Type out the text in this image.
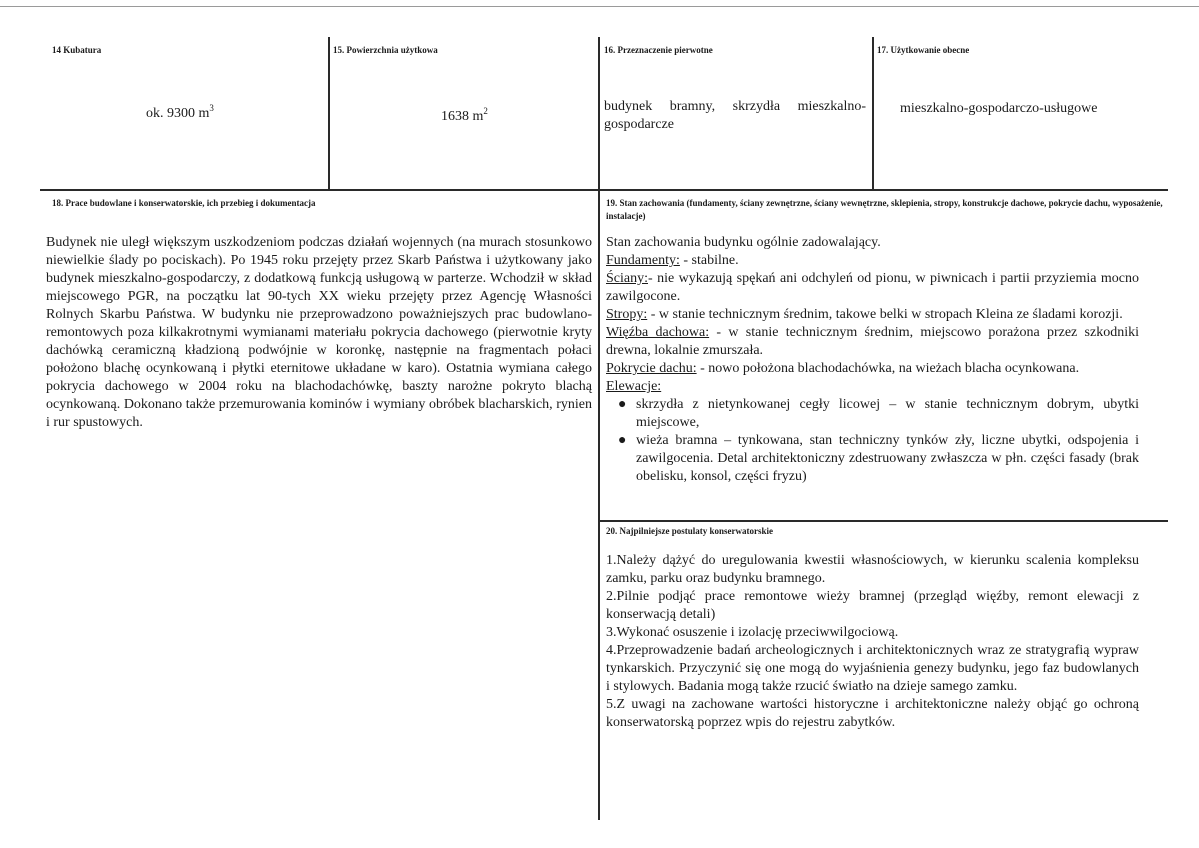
14 Kubatura
ok. 9300 $m^3$
15. Powierzchnia użytkowa
1638 $m^2$
16. Przeznaczenie pierwotne
budynek bramny, skrzydła mieszkalno-gospodarcze
17. Użytkowanie obecne
mieszkalno-gospodarczo-usługowe
18. Prace budowlane i konserwatorskie, ich przebieg i dokumentacja
Budynek nie uległ większym uszkodzeniom podczas działań wojennych (na murach stosunkowo niewielkie ślady po pociskach). Po 1945 roku przejęty przez Skarb Państwa i użytkowany jako budynek mieszkalno-gospodarczy, z dodatkową funkcją usługową w parterze. Wchodził w skład miejscowego PGR, na początku lat 90-tych XX wieku przejęty przez Agencję Własności Rolnych Skarbu Państwa. W budynku nie przeprowadzono poważniejszych prac budowlano-remontowych poza kilkakrotnymi wymianami materiału pokrycia dachowego (pierwotnie kryty dachówką ceramiczną kładzioną podwójnie w koronkę, następnie na fragmentach połaci położono blachę ocynkowaną i płytki eternitowe układane w karo). Ostatnia wymiana całego pokrycia dachowego w 2004 roku na blachodachówkę, baszty narożne pokryto blachą ocynkowaną. Dokonano także przemurowania kominów i wymiany obróbek blacharskich, rynien i rur spustowych.
19. Stan zachowania (fundamenty, ściany zewnętrzne, ściany wewnętrzne, sklepienia, stropy, konstrukcje dachowe, pokrycie dachu, wyposażenie, instalacje)

Stan zachowania budynku ogólnie zadowalający.

Fundamenty: - stabilne.

Ściany:- nie wykazują spękań ani odchyleń od pionu, w piwnicach i partii przyziemia mocno zawilgocone.

Stropy: - w stanie technicznym średnim, takowe belki w stropach Kleina ze śladami korozji.

Więźba dachowa: - w stanie technicznym średnim, miejscowo porażona przez szkodniki drewna, lokalnie zmurszała.

Pokrycie dachu: - nowo położona blachodachówka, na wieżach blacha ocynkowana.

Elewacje:

● skrzydła z nietynkowanej cegły licowej – w stanie technicznym dobrym, ubytki miejscowe,
● wieża bramna – tynkowana, stan techniczny tynków zły, liczne ubytki, odspojenia i zawilgocenia. Detal architektoniczny zdestruowany zwłaszcza w płn. części fasady (brak obelisku, konsol, części fryzu)
20. Najpilniejsze postulaty konserwatorskie

1.Należy dążyć do uregulowania kwestii własnościowych, w kierunku scalenia kompleksu zamku, parku oraz budynku bramnego.

2.Pilnie podjąć prace remontowe wieży bramnej (przegląd więźby, remont elewacji z konserwacją detali)

3.Wykonać osuszenie i izolację przeciwwilgociową.

4.Przeprowadzenie badań archeologicznych i architektonicznych wraz ze stratygrafią wypraw tynkarskich. Przyczynić się one mogą do wyjaśnienia genezy budynku, jego faz budowlanych i stylowych. Badania mogą także rzucić światło na dzieje samego zamku.

5.Z uwagi na zachowane wartości historyczne i architektoniczne należy objąć go ochroną konserwatorską poprzez wpis do rejestru zabytków.
